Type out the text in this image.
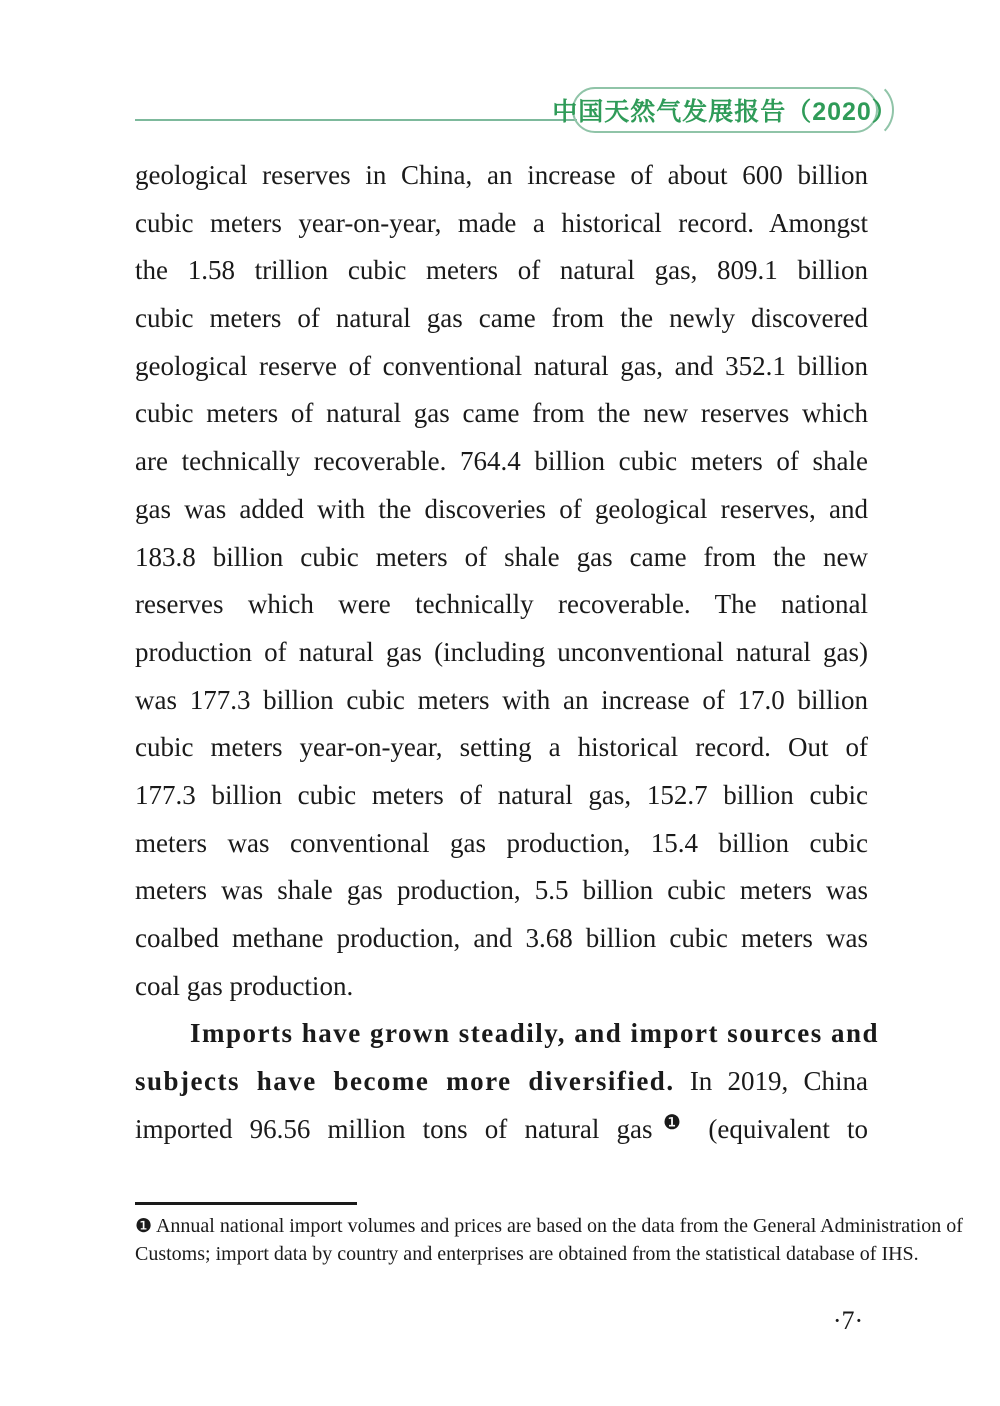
中国天然气发展报告（2020）
geological reserves in China, an increase of about 600 billion
cubic meters year-on-year, made a historical record. Amongst
the 1.58 trillion cubic meters of natural gas, 809.1 billion
cubic meters of natural gas came from the newly discovered
geological reserve of conventional natural gas, and 352.1 billion
cubic meters of natural gas came from the new reserves which
are technically recoverable. 764.4 billion cubic meters of shale
gas was added with the discoveries of geological reserves, and
183.8 billion cubic meters of shale gas came from the new
reserves which were technically recoverable. The national
production of natural gas (including unconventional natural gas)
was 177.3 billion cubic meters with an increase of 17.0 billion
cubic meters year-on-year, setting a historical record. Out of
177.3 billion cubic meters of natural gas, 152.7 billion cubic
meters was conventional gas production, 15.4 billion cubic
meters was shale gas production, 5.5 billion cubic meters was
coalbed methane production, and 3.68 billion cubic meters was
coal gas production.
Imports have grown steadily, and import sources and
subjects have become more diversified. In 2019, China
imported 96.56 million tons of natural gas$^❶$ (equivalent to
❶ Annual national import volumes and prices are based on the data from the General Administration of
Customs; import data by country and enterprises are obtained from the statistical database of IHS.
·7·
